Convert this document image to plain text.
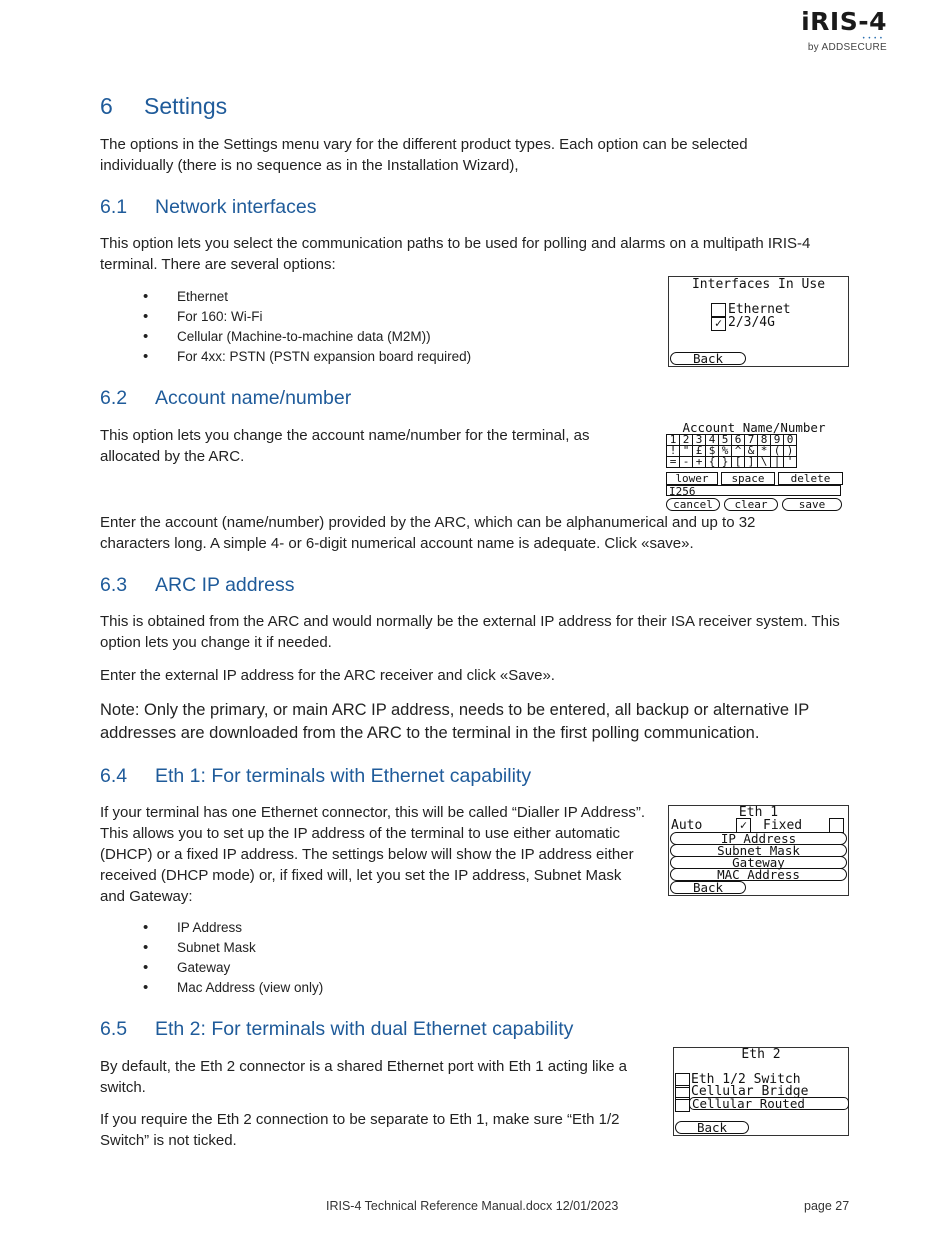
iRIS-4
• • • •
by ADDSECURE
6 Settings

The options in the Settings menu vary for the different product types. Each option can be selected individually (there is no sequence as in the Installation Wizard),

6.1 Network interfaces

This option lets you select the communication paths to be used for polling and alarms on a multipath IRIS-4 terminal. There are several options:

• Ethernet
• For 160: Wi-Fi
• Cellular (Machine-to-machine data (M2M))
• For 4xx: PSTN (PSTN expansion board required)
Interfaces In Use
Ethernet
✓ 2/3/4G
Back
6.2 Account name/number

This option lets you change the account name/number for the terminal, as allocated by the ARC.

Account Name/Number
1	2	3	4	5	6	7	8	9	0
!	"	£	$	%	^	&	*	(	)
=	-	+	{	}	[	]	\	|	'
lower	space	delete
I256
cancel	clear	save

Enter the account (name/number) provided by the ARC, which can be alphanumerical and up to 32 characters long. A simple 4- or 6-digit numerical account name is adequate. Click «save».

6.3 ARC IP address

This is obtained from the ARC and would normally be the external IP address for their ISA receiver system. This option lets you change it if needed.

Enter the external IP address for the ARC receiver and click «Save».

Note: Only the primary, or main ARC IP address, needs to be entered, all backup or alternative IP addresses are downloaded from the ARC to the terminal in the first polling communication.

6.4 Eth 1: For terminals with Ethernet capability

If your terminal has one Ethernet connector, this will be called “Dialler IP Address”. This allows you to set up the IP address of the terminal to use either automatic (DHCP) or a fixed IP address. The settings below will show the IP address either received (DHCP mode) or, if fixed will, let you set the IP address, Subnet Mask and Gateway:

• IP Address
• Subnet Mask
• Gateway
• Mac Address (view only)
Eth 1
Auto	✓ Fixed
IP Address
Subnet Mask
Gateway
MAC Address
Back
6.5 Eth 2: For terminals with dual Ethernet capability

By default, the Eth 2 connector is a shared Ethernet port with Eth 1 acting like a switch.

If you require the Eth 2 connection to be separate to Eth 1, make sure “Eth 1/2 Switch” is not ticked.

Eth 2
Eth 1/2 Switch
Cellular Bridge
Cellular Routed
Back
IRIS-4 Technical Reference Manual.docx 12/01/2023	page 27
